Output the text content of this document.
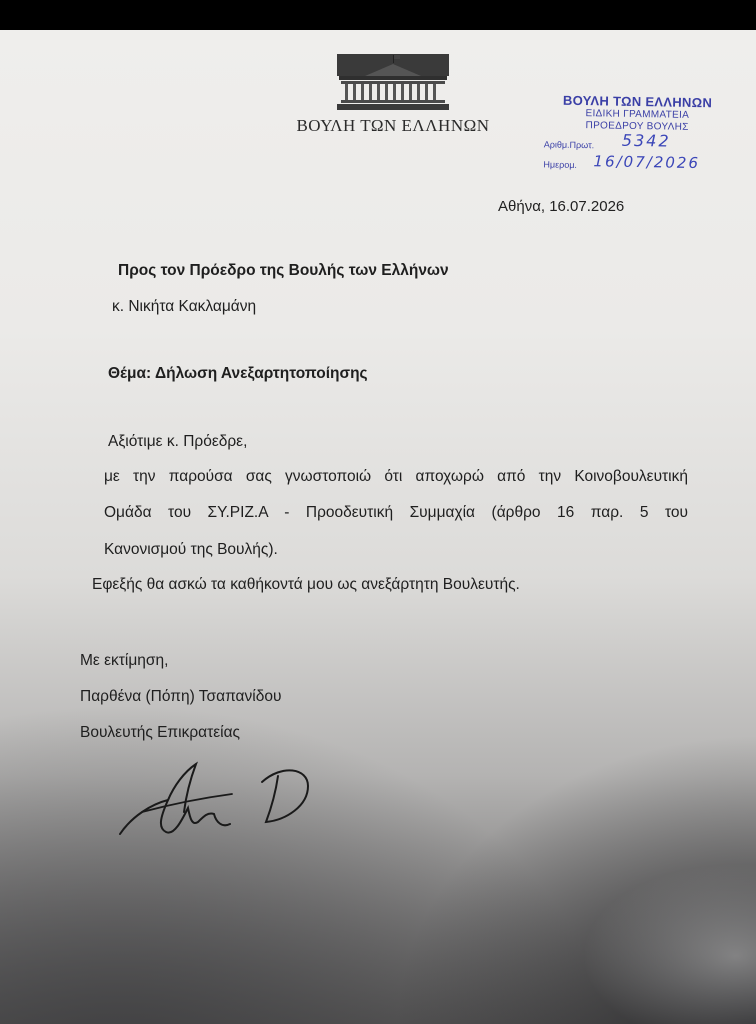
ΒΟΥΛΗ ΤΩΝ ΕΛΛΗΝΩΝ
ΒΟΥΛΗ ΤΩΝ ΕΛΛΗΝΩΝ
ΕΙΔΙΚΗ ΓΡΑΜΜΑΤΕΙΑ
ΠΡΟΕΔΡΟΥ ΒΟΥΛΗΣ
Αριθμ.Πρωτ. 5342
Ημερομ. 16/07/2026
Αθήνα, 16.07.2026
Προς τον Πρόεδρο της Βουλής των Ελλήνων
κ. Νικήτα Κακλαμάνη
Θέμα: Δήλωση Ανεξαρτητοποίησης
Αξιότιμε κ. Πρόεδρε,
με την παρούσα σας γνωστοποιώ ότι αποχωρώ από την Κοινοβουλευτική
Ομάδα του ΣΥ.ΡΙΖ.Α - Προοδευτική Συμμαχία (άρθρο 16 παρ. 5 του
Κανονισμού της Βουλής).
Εφεξής θα ασκώ τα καθήκοντά μου ως ανεξάρτητη Βουλευτής.
Με εκτίμηση,
Παρθένα (Πόπη) Τσαπανίδου
Βουλευτής Επικρατείας
